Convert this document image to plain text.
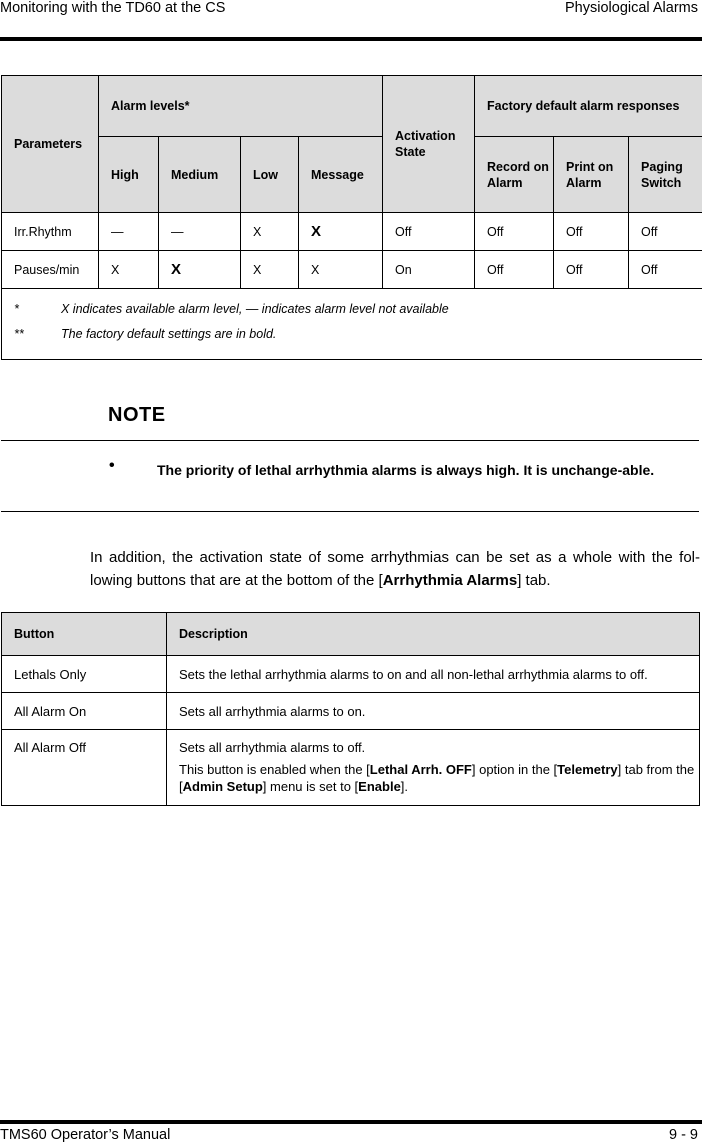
Monitoring with the TD60 at the CS	Physiological Alarms
Parameters	Alarm levels*				Activation State	Factory default alarm responses		
	High	Medium	Low	Message		Record on Alarm	Print on Alarm	Paging Switch
Irr.Rhythm	—	—	X	X	Off	Off	Off	Off
Pauses/min	X	X	X	X	On	Off	Off	Off

* X indicates available alarm level, — indicates alarm level not available
** The factory default settings are in bold.								
NOTE
•	The priority of lethal arrhythmia alarms is always high. It is unchange-able.
In addition, the activation state of some arrhythmias can be set as a whole with the fol-lowing buttons that are at the bottom of the [Arrhythmia Alarms] tab.
Button	Description
Lethals Only	Sets the lethal arrhythmia alarms to on and all non-lethal arrhythmia alarms to off.
All Alarm On	Sets all arrhythmia alarms to on.
All Alarm Off	Sets all arrhythmia alarms to off.
This button is enabled when the [Lethal Arrh. OFF] option in the [Telemetry] tab from the [Admin Setup] menu is set to [Enable].
TMS60 Operator’s Manual	9 - 9
